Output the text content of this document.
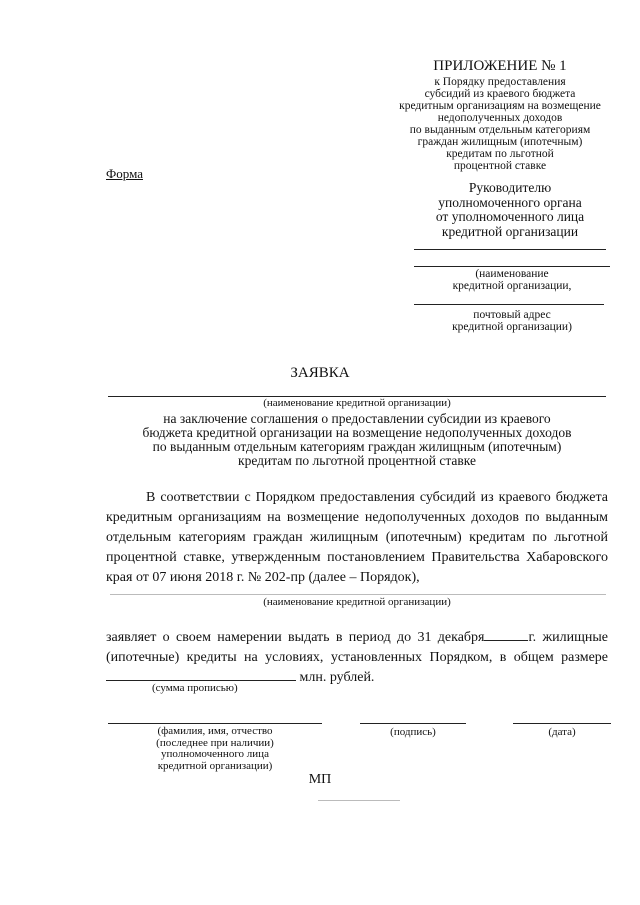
ПРИЛОЖЕНИЕ № 1
к Порядку предоставления
субсидий из краевого бюджета
кредитным организациям на возмещение
недополученных доходов
по выданным отдельным категориям
граждан жилищным (ипотечным)
кредитам по льготной
процентной ставке
Форма
Руководителю
уполномоченного органа
от уполномоченного лица
кредитной организации
(наименование
кредитной организации,
почтовый адрес
кредитной организации)
ЗАЯВКА
(наименование кредитной организации)
на заключение соглашения о предоставлении субсидии из краевого
бюджета кредитной организации на возмещение недополученных доходов
по выданным отдельным категориям граждан жилищным (ипотечным)
кредитам по льготной процентной ставке
В соответствии с Порядком предоставления субсидий из краевого бюджета кредитным организациям на возмещение недополученных доходов по выданным отдельным категориям граждан жилищным (ипотечным) кредитам по льготной процентной ставке, утвержденным постановлением Правительства Хабаровского края от 07 июня 2018 г. № 202-пр (далее – Порядок),
(наименование кредитной организации)
заявляет о своем намерении выдать в период до 31 декабря	г. жилищные (ипотечные) кредиты на условиях, установленных Порядком, в общем размере  млн. рублей.
(сумма прописью)
(фамилия, имя, отчество
(последнее при наличии)
уполномоченного лица
кредитной организации)
(подпись)	(дата)
МП
